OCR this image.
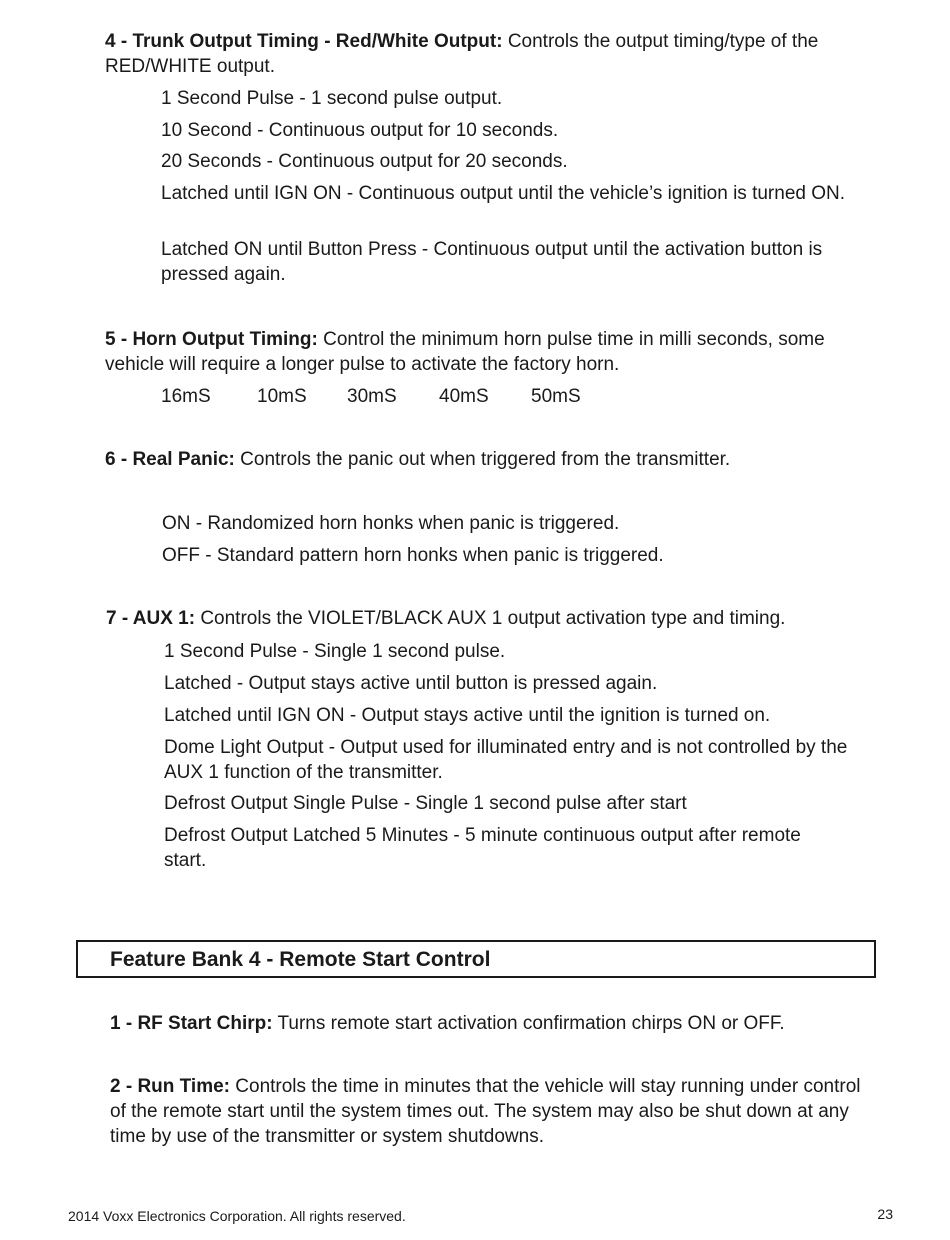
4 - Trunk Output Timing - Red/White Output: Controls the output timing/type of the RED/WHITE output.

1 Second Pulse - 1 second pulse output.

10 Second - Continuous output for 10 seconds.

20 Seconds - Continuous output for 20 seconds.

Latched until IGN ON - Continuous output until the vehicle’s ignition is turned ON.

Latched ON until Button Press - Continuous output until the activation button is pressed again.

5 - Horn Output Timing: Control the minimum horn pulse time in milli seconds, some vehicle will require a longer pulse to activate the factory horn.

16mS 10mS 30mS 40mS 50mS

6 - Real Panic: Controls the panic out when triggered from the transmitter.

ON - Randomized horn honks when panic is triggered.

OFF - Standard pattern horn honks when panic is triggered.

7 - AUX 1: Controls the VIOLET/BLACK AUX 1 output activation type and timing.

1 Second Pulse - Single 1 second pulse.

Latched - Output stays active until button is pressed again.

Latched until IGN ON - Output stays active until the ignition is turned on.

Dome Light Output - Output used for illuminated entry and is not controlled by the AUX 1 function of the transmitter.

Defrost Output Single Pulse - Single 1 second pulse after start

Defrost Output Latched 5 Minutes - 5 minute continuous output after remote start.

Feature Bank 4 - Remote Start Control

1 - RF Start Chirp: Turns remote start activation confirmation chirps ON or OFF.

2 - Run Time: Controls the time in minutes that the vehicle will stay running under control of the remote start until the system times out. The system may also be shut down at any time by use of the transmitter or system shutdowns.

2014 Voxx Electronics Corporation. All rights reserved.	23
